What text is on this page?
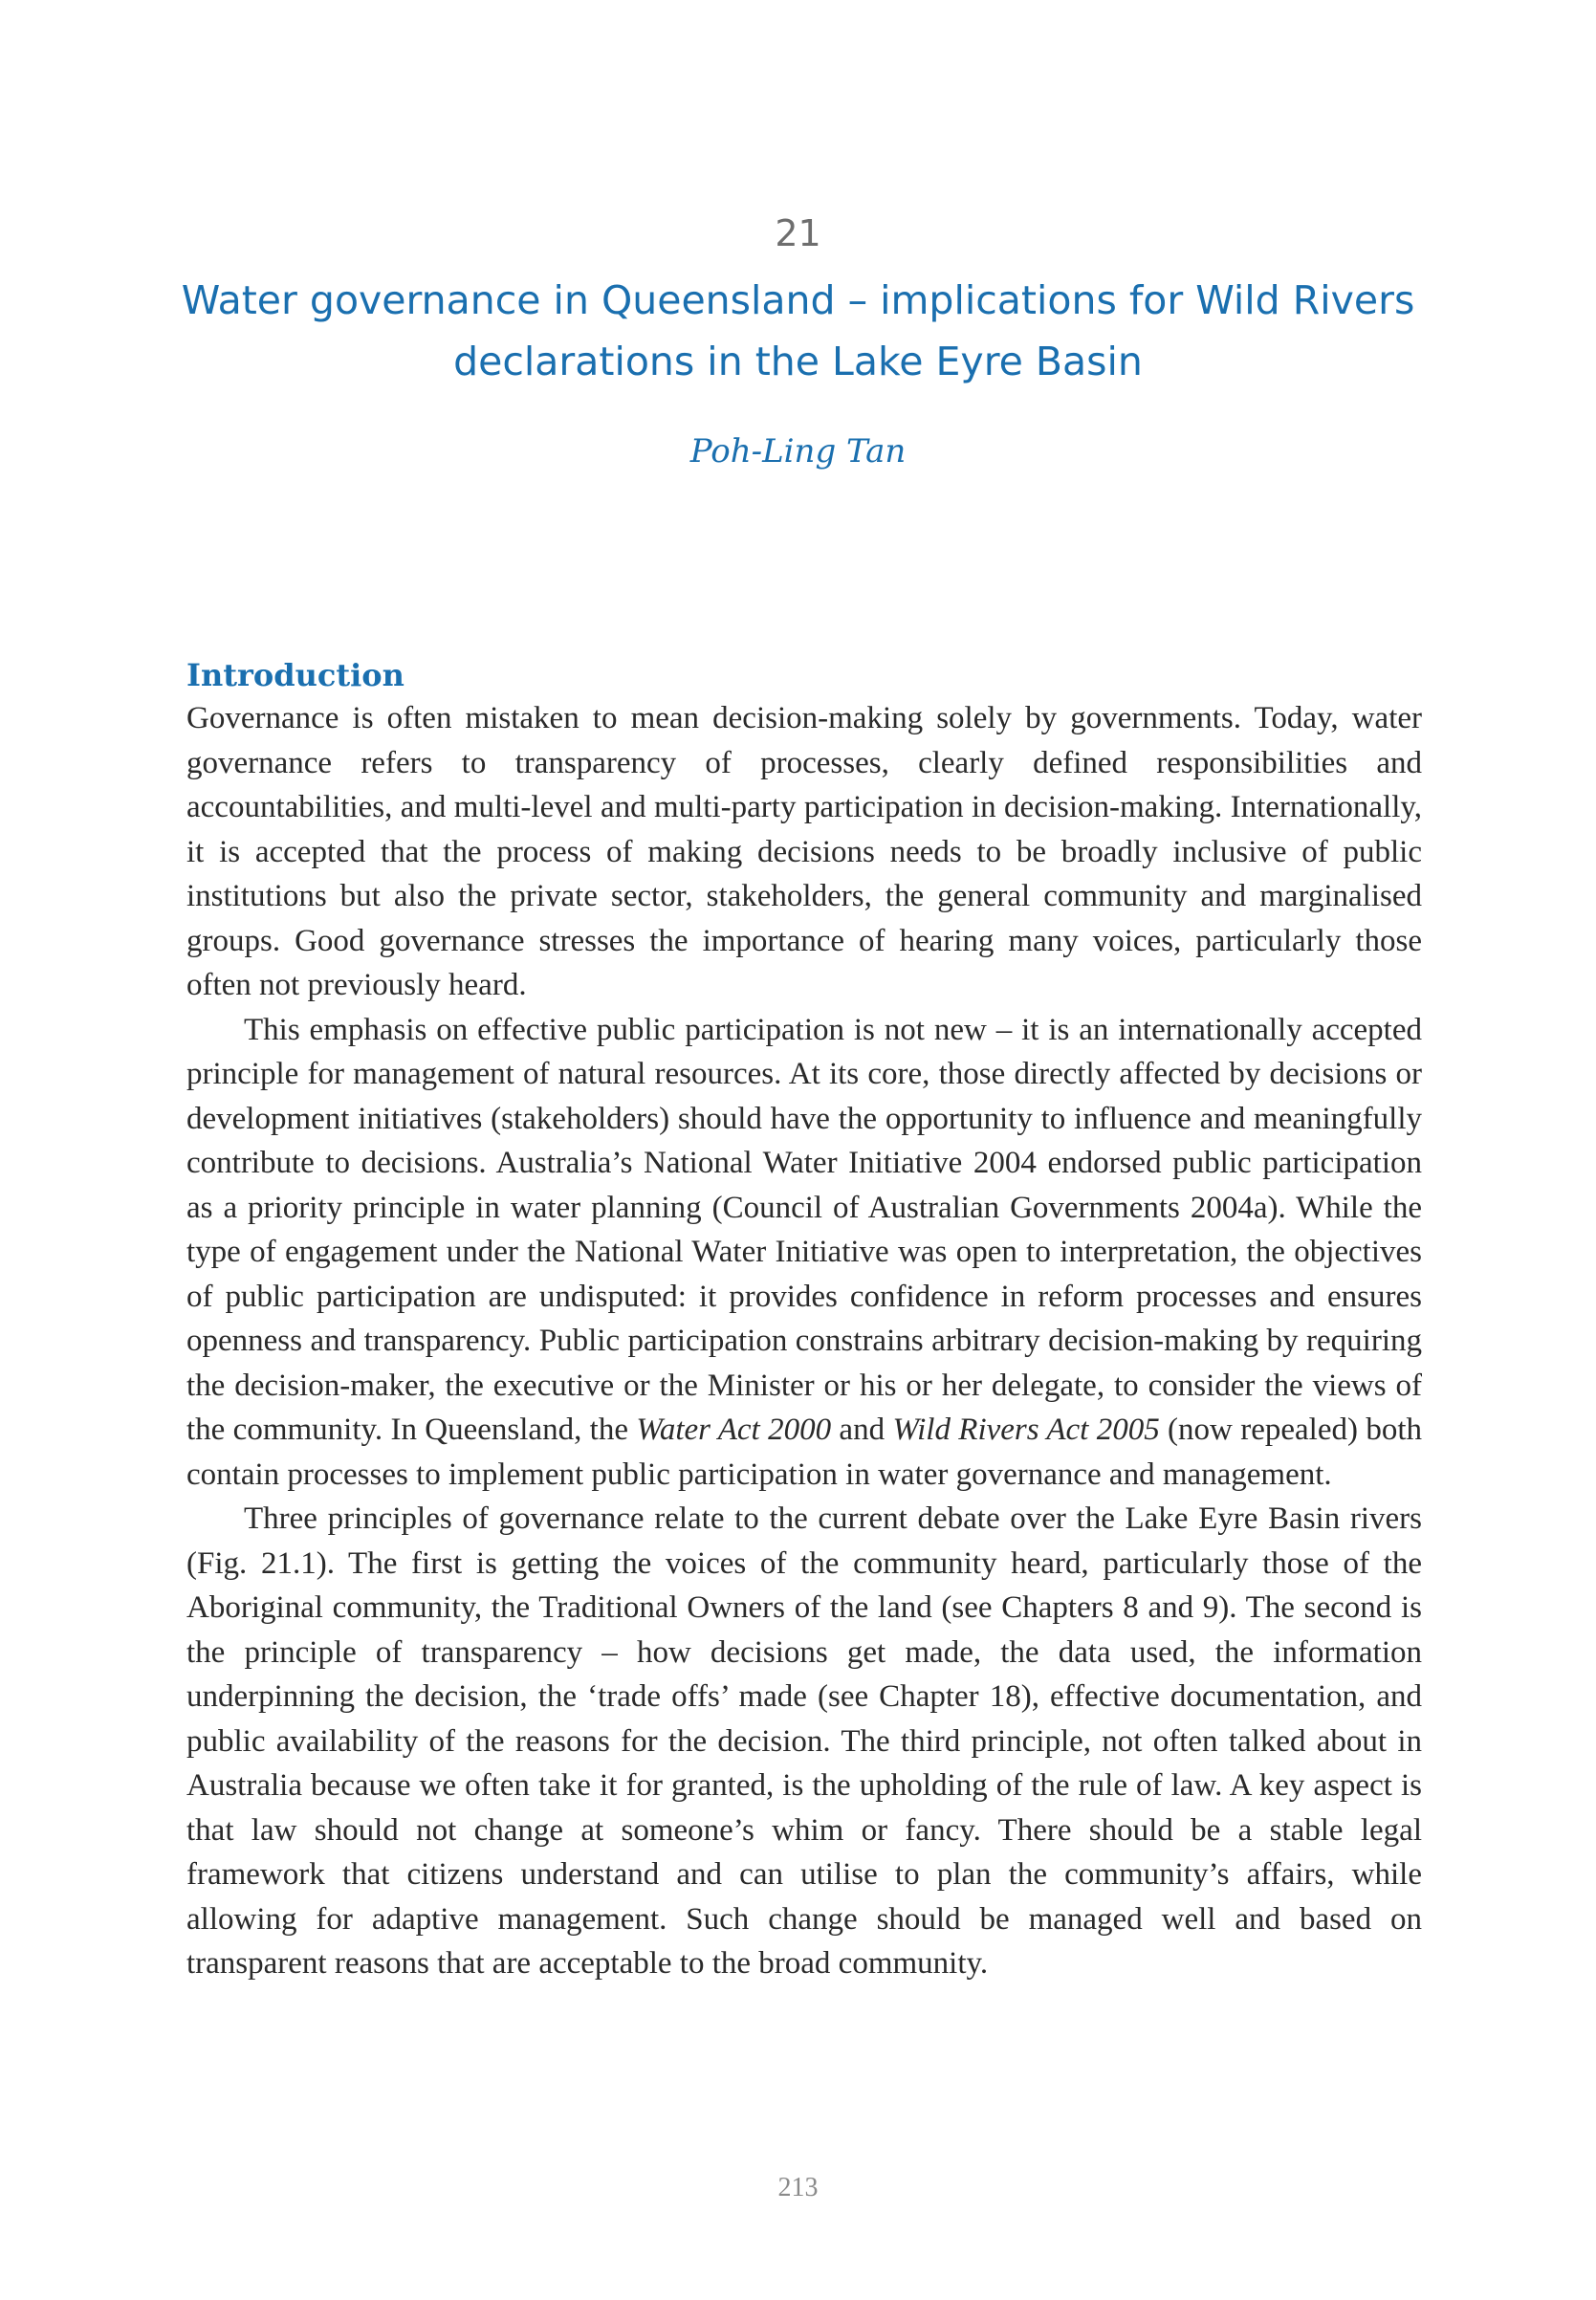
21
Water governance in Queensland – implications for Wild Rivers
declarations in the Lake Eyre Basin
Poh-Ling Tan
Introduction

Governance is often mistaken to mean decision-making solely by governments. Today, water governance refers to transparency of processes, clearly defined responsibilities and accountabilities, and multi-level and multi-party participation in decision-making. Internationally, it is accepted that the process of making decisions needs to be broadly inclusive of public institutions but also the private sector, stakeholders, the general community and marginalised groups. Good governance stresses the importance of hearing many voices, particularly those often not previously heard.

This emphasis on effective public participation is not new – it is an internationally accepted principle for management of natural resources. At its core, those directly affected by decisions or development initiatives (stakeholders) should have the opportunity to influence and meaningfully contribute to decisions. Australia’s National Water Initiative 2004 endorsed public participation as a priority principle in water planning (Council of Australian Governments 2004a). While the type of engagement under the National Water Initiative was open to interpretation, the objectives of public participation are undisputed: it provides confidence in reform processes and ensures openness and transparency. Public participation constrains arbitrary decision-making by requiring the decision-maker, the executive or the Minister or his or her delegate, to consider the views of the community. In Queensland, the Water Act 2000 and Wild Rivers Act 2005 (now repealed) both contain processes to implement public participation in water governance and management.

Three principles of governance relate to the current debate over the Lake Eyre Basin rivers (Fig. 21.1). The first is getting the voices of the community heard, particularly those of the Aboriginal community, the Traditional Owners of the land (see Chapters 8 and 9). The second is the principle of transparency – how decisions get made, the data used, the information underpinning the decision, the ‘trade offs’ made (see Chapter 18), effective documentation, and public availability of the reasons for the decision. The third principle, not often talked about in Australia because we often take it for granted, is the upholding of the rule of law. A key aspect is that law should not change at someone’s whim or fancy. There should be a stable legal framework that citizens understand and can utilise to plan the community’s affairs, while allowing for adaptive management. Such change should be managed well and based on transparent reasons that are acceptable to the broad community.

213
